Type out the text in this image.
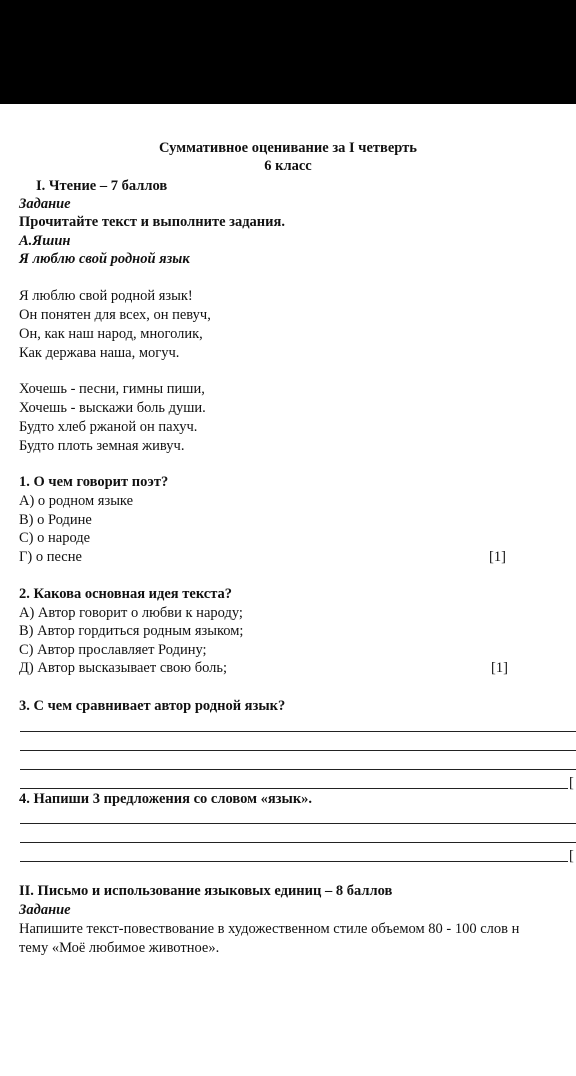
Суммативное оценивание за I четверть
6 класс
I. Чтение – 7 баллов
Задание
Прочитайте текст и выполните задания.
А.Яшин
Я люблю свой родной язык
Я люблю свой родной язык!
Он понятен для всех, он певуч,
Он, как наш народ, многолик,
Как держава наша, могуч.
Хочешь - песни, гимны пиши,
Хочешь - выскажи боль души.
Будто хлеб ржаной он пахуч.
Будто плоть земная живуч.
1. О чем говорит поэт?
А) о родном языке
В) о Родине
С) о народе
Г) о песне	[1]
2. Какова основная идея текста?
А) Автор говорит о любви к народу;
В) Автор гордиться родным языком;
С) Автор прославляет Родину;
Д) Автор высказывает свою боль;	[1]
3. С чем сравнивает автор родной язык?
[
4. Напиши 3 предложения со словом «язык».
[
II. Письмо и использование языковых единиц – 8 баллов
Задание
Напишите текст-повествование в художественном стиле объемом 80 - 100 слов н
тему «Моё любимое животное».
